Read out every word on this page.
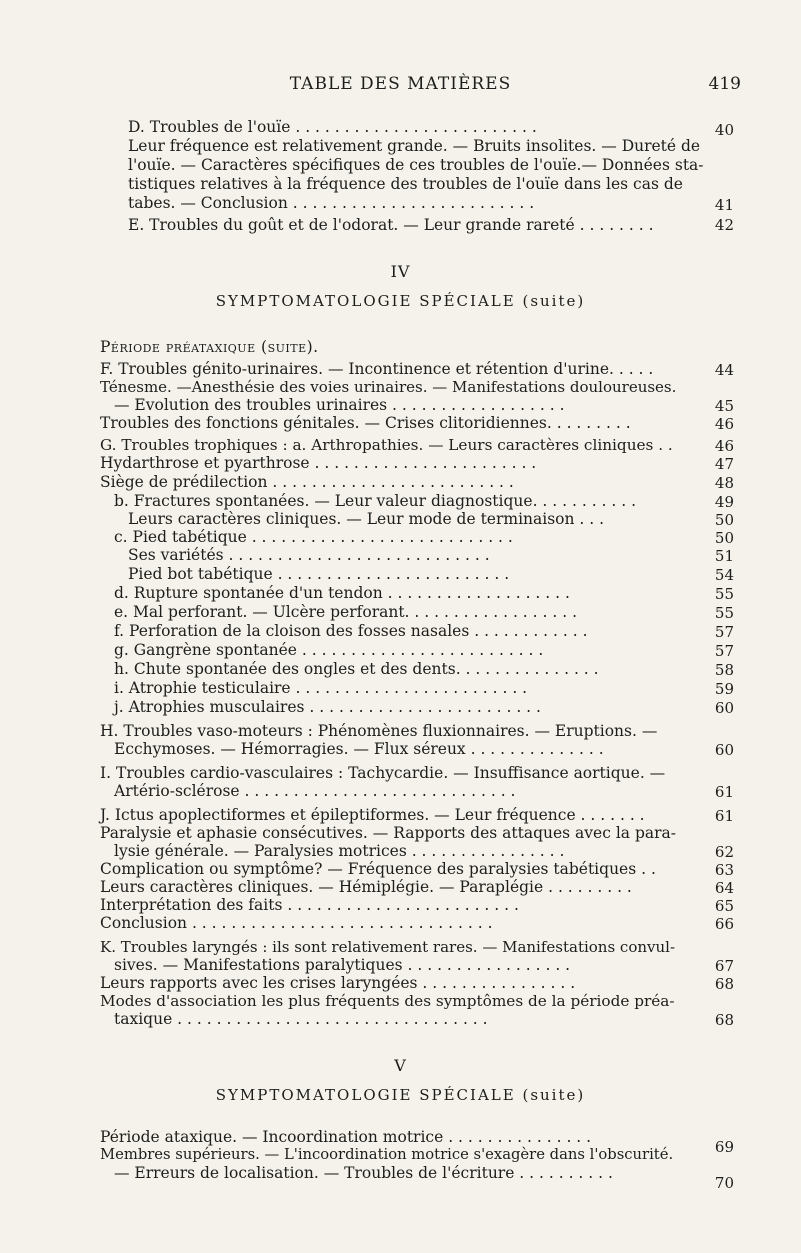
TABLE DES MATIÈRES	419
D. Troubles de l'ouïe . . . . . . . . . . . . . . . . . . . . . . . . .
Leur fréquence est relativement grande. — Bruits insolites. — Dureté de
l'ouïe. — Caractères spécifiques de ces troubles de l'ouïe.— Données sta-
tistiques relatives à la fréquence des troubles de l'ouïe dans les cas de
tabes. — Conclusion . . . . . . . . . . . . . . . . . . . . . . . . .
E. Troubles du goût et de l'odorat. — Leur grande rareté . . . . . . . .
40
41
42
IV
SYMPTOMATOLOGIE SPÉCIALE (suite)
Période préataxique (suite).
F. Troubles génito-urinaires. — Incontinence et rétention d'urine. . . . .
Ténesme. —Anesthésie des voies urinaires. — Manifestations douloureuses.
— Evolution des troubles urinaires . . . . . . . . . . . . . . . . . .
Troubles des fonctions génitales. — Crises clitoridiennes. . . . . . . . .
G. Troubles trophiques : a. Arthropathies. — Leurs caractères cliniques . .
Hydarthrose et pyarthrose . . . . . . . . . . . . . . . . . . . . . . .
Siège de prédilection . . . . . . . . . . . . . . . . . . . . . . . . .
b. Fractures spontanées. — Leur valeur diagnostique. . . . . . . . . . .
Leurs caractères cliniques. — Leur mode de terminaison . . .
c. Pied tabétique . . . . . . . . . . . . . . . . . . . . . . . . . . .
Ses variétés . . . . . . . . . . . . . . . . . . . . . . . . . . .
Pied bot tabétique . . . . . . . . . . . . . . . . . . . . . . . .
d. Rupture spontanée d'un tendon . . . . . . . . . . . . . . . . . . .
e. Mal perforant. — Ulcère perforant. . . . . . . . . . . . . . . . . .
f. Perforation de la cloison des fosses nasales . . . . . . . . . . . .
g. Gangrène spontanée . . . . . . . . . . . . . . . . . . . . . . . . .
h. Chute spontanée des ongles et des dents. . . . . . . . . . . . . . .
i. Atrophie testiculaire . . . . . . . . . . . . . . . . . . . . . . . .
j. Atrophies musculaires . . . . . . . . . . . . . . . . . . . . . . . .
H. Troubles vaso-moteurs : Phénomènes fluxionnaires. — Eruptions. —
Ecchymoses. — Hémorragies. — Flux séreux . . . . . . . . . . . . . .
I. Troubles cardio-vasculaires : Tachycardie. — Insuffisance aortique. —
Artério-sclérose . . . . . . . . . . . . . . . . . . . . . . . . . . . .
J. Ictus apoplectiformes et épileptiformes. — Leur fréquence . . . . . . .
Paralysie et aphasie consécutives. — Rapports des attaques avec la para-
lysie générale. — Paralysies motrices . . . . . . . . . . . . . . . .
Complication ou symptôme? — Fréquence des paralysies tabétiques . .
Leurs caractères cliniques. — Hémiplégie. — Paraplégie . . . . . . . . .
Interprétation des faits . . . . . . . . . . . . . . . . . . . . . . . .
Conclusion . . . . . . . . . . . . . . . . . . . . . . . . . . . . . . .
K. Troubles laryngés : ils sont relativement rares. — Manifestations convul-
sives. — Manifestations paralytiques . . . . . . . . . . . . . . . . .
Leurs rapports avec les crises laryngées . . . . . . . . . . . . . . . .
Modes d'association les plus fréquents des symptômes de la période préa-
taxique . . . . . . . . . . . . . . . . . . . . . . . . . . . . . . . .
44
45
46
46
47
48
49
50
50
51
54
55
55
57
57
58
59
60
60
61
61
62
63
64
65
66
67
68
68
V
SYMPTOMATOLOGIE SPÉCIALE (suite)
Période ataxique. — Incoordination motrice . . . . . . . . . . . . . . .
Membres supérieurs. — L'incoordination motrice s'exagère dans l'obscurité.
— Erreurs de localisation. — Troubles de l'écriture . . . . . . . . . .
69
70
